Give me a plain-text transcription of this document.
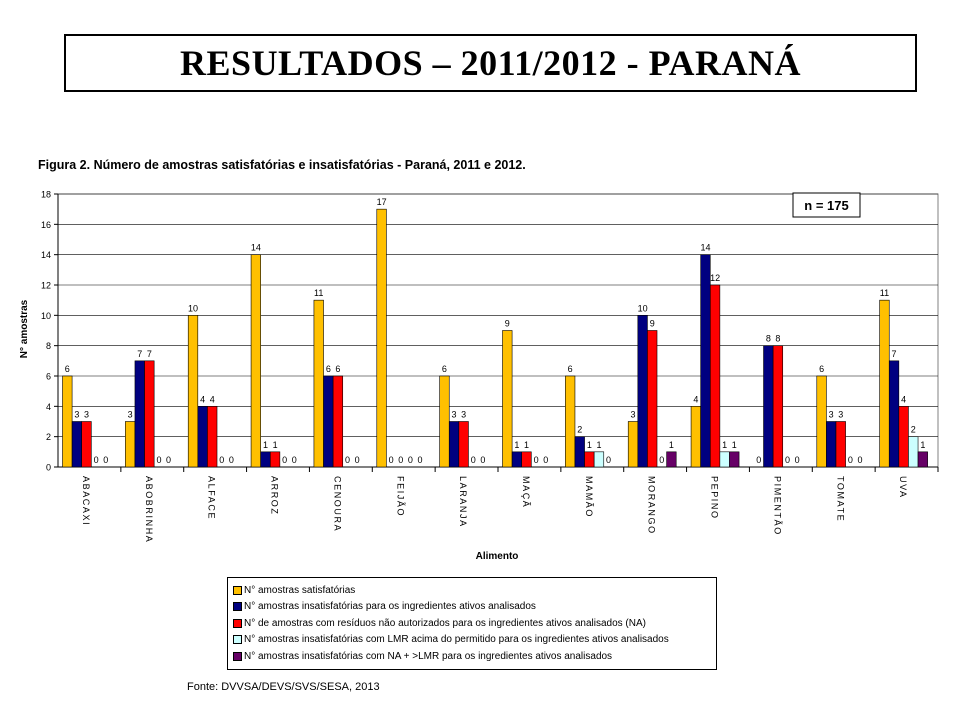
RESULTADOS – 2011/2012 - PARANÁ
Figura 2. Número de amostras satisfatórias e insatisfatórias - Paraná, 2011 e 2012.
0
2
4
6
8
10
12
14
16
18
ABACAXI	ABOBRINHA	ALFACE	ARROZ	CENOURA	FEIJÃO	LARANJA	MAÇÃ	MAMÃO	MORANGO	PEPINO	PIMENTÃO	TOMATE	UVA
6
3
10
14
11
17
6
9
6
3
4
0
6
11
3
7
4
1
6
0
3
1
2
10
14
8
3
7
3
7
4
1
6
0
3
1	1
9
12
8
3
4
0	0	0	0	0	0	0	0
1
0
1
0	0
2
0	0	0	0	0	0	0	0	0
1	1
0	0
1
N° amostras
Alimento
n = 175
N° amostras satisfatórias
N° amostras insatisfatórias para os ingredientes ativos analisados
N° de amostras com resíduos não autorizados para os ingredientes ativos analisados (NA)
N° amostras insatisfatórias com LMR acima do permitido para os ingredientes ativos analisados
N° amostras insatisfatórias com NA + >LMR para os ingredientes ativos analisados
Fonte: DVVSA/DEVS/SVS/SESA, 2013
